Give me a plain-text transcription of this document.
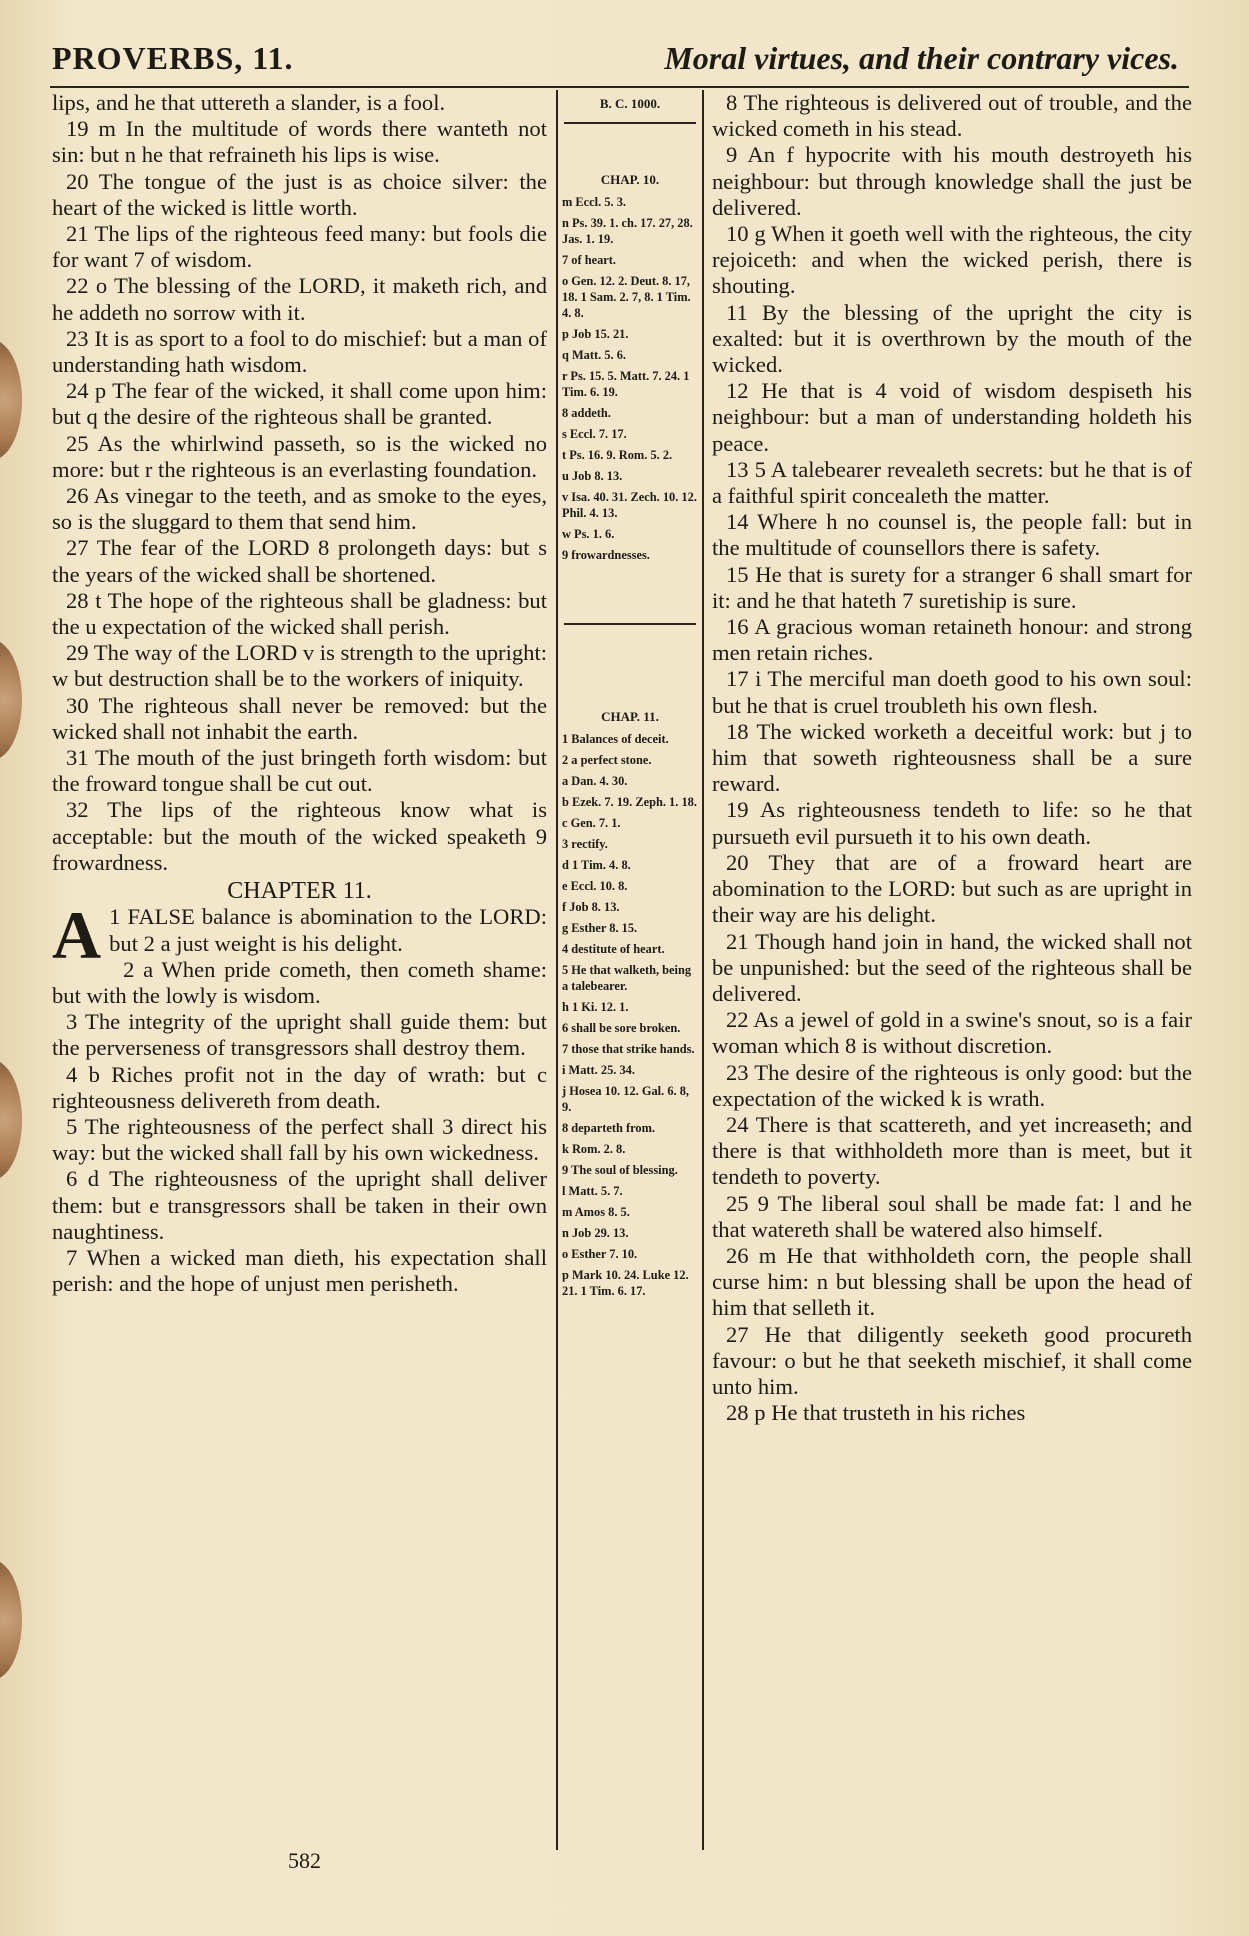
PROVERBS, 11.	Moral virtues, and their contrary vices.

lips, and he that uttereth a slander, is a fool.

19 m In the multitude of words there wanteth not sin: but n he that refraineth his lips is wise.

20 The tongue of the just is as choice silver: the heart of the wicked is little worth.

21 The lips of the righteous feed many: but fools die for want 7 of wisdom.

22 o The blessing of the LORD, it maketh rich, and he addeth no sorrow with it.

23 It is as sport to a fool to do mischief: but a man of understanding hath wisdom.

24 p The fear of the wicked, it shall come upon him: but q the desire of the righteous shall be granted.

25 As the whirlwind passeth, so is the wicked no more: but r the righteous is an everlasting foundation.

26 As vinegar to the teeth, and as smoke to the eyes, so is the sluggard to them that send him.

27 The fear of the LORD 8 prolongeth days: but s the years of the wicked shall be shortened.

28 t The hope of the righteous shall be gladness: but the u expectation of the wicked shall perish.

29 The way of the LORD v is strength to the upright: w but destruction shall be to the workers of iniquity.

30 The righteous shall never be removed: but the wicked shall not inhabit the earth.

31 The mouth of the just bringeth forth wisdom: but the froward tongue shall be cut out.

32 The lips of the righteous know what is acceptable: but the mouth of the wicked speaketh 9 frowardness.

CHAPTER 11.

A 1 FALSE balance is abomination to the LORD: but 2 a just weight is his delight.

2 a When pride cometh, then cometh shame: but with the lowly is wisdom.

3 The integrity of the upright shall guide them: but the perverseness of transgressors shall destroy them.

4 b Riches profit not in the day of wrath: but c righteousness delivereth from death.

5 The righteousness of the perfect shall 3 direct his way: but the wicked shall fall by his own wickedness.

6 d The righteousness of the upright shall deliver them: but e transgressors shall be taken in their own naughtiness.

7 When a wicked man dieth, his expectation shall perish: and the hope of unjust men perisheth.

B. C. 1000.
CHAP. 10.
m Eccl. 5. 3.
n Ps. 39. 1. ch. 17. 27, 28. Jas. 1. 19.
7 of heart.
o Gen. 12. 2. Deut. 8. 17, 18. 1 Sam. 2. 7, 8. 1 Tim. 4. 8.
p Job 15. 21.
q Matt. 5. 6.
r Ps. 15. 5. Matt. 7. 24. 1 Tim. 6. 19.
8 addeth.
s Eccl. 7. 17.
t Ps. 16. 9. Rom. 5. 2.
u Job 8. 13.
v Isa. 40. 31. Zech. 10. 12. Phil. 4. 13.
w Ps. 1. 6.
9 frowardnesses.
CHAP. 11.
1 Balances of deceit.
2 a perfect stone.
a Dan. 4. 30.
b Ezek. 7. 19. Zeph. 1. 18.
c Gen. 7. 1.
3 rectify.
d 1 Tim. 4. 8.
e Eccl. 10. 8.
f Job 8. 13.
g Esther 8. 15.
4 destitute of heart.
5 He that walketh, being a talebearer.
h 1 Ki. 12. 1.
6 shall be sore broken.
7 those that strike hands.
i Matt. 25. 34.
j Hosea 10. 12. Gal. 6. 8, 9.
8 departeth from.
k Rom. 2. 8.
9 The soul of blessing.
l Matt. 5. 7.
m Amos 8. 5.
n Job 29. 13.
o Esther 7. 10.
p Mark 10. 24. Luke 12. 21. 1 Tim. 6. 17.

8 The righteous is delivered out of trouble, and the wicked cometh in his stead.

9 An f hypocrite with his mouth destroyeth his neighbour: but through knowledge shall the just be delivered.

10 g When it goeth well with the righteous, the city rejoiceth: and when the wicked perish, there is shouting.

11 By the blessing of the upright the city is exalted: but it is overthrown by the mouth of the wicked.

12 He that is 4 void of wisdom despiseth his neighbour: but a man of understanding holdeth his peace.

13 5 A talebearer revealeth secrets: but he that is of a faithful spirit concealeth the matter.

14 Where h no counsel is, the people fall: but in the multitude of counsellors there is safety.

15 He that is surety for a stranger 6 shall smart for it: and he that hateth 7 suretiship is sure.

16 A gracious woman retaineth honour: and strong men retain riches.

17 i The merciful man doeth good to his own soul: but he that is cruel troubleth his own flesh.

18 The wicked worketh a deceitful work: but j to him that soweth righteousness shall be a sure reward.

19 As righteousness tendeth to life: so he that pursueth evil pursueth it to his own death.

20 They that are of a froward heart are abomination to the LORD: but such as are upright in their way are his delight.

21 Though hand join in hand, the wicked shall not be unpunished: but the seed of the righteous shall be delivered.

22 As a jewel of gold in a swine's snout, so is a fair woman which 8 is without discretion.

23 The desire of the righteous is only good: but the expectation of the wicked k is wrath.

24 There is that scattereth, and yet increaseth; and there is that withholdeth more than is meet, but it tendeth to poverty.

25 9 The liberal soul shall be made fat: l and he that watereth shall be watered also himself.

26 m He that withholdeth corn, the people shall curse him: n but blessing shall be upon the head of him that selleth it.

27 He that diligently seeketh good procureth favour: o but he that seeketh mischief, it shall come unto him.

28 p He that trusteth in his riches

582
